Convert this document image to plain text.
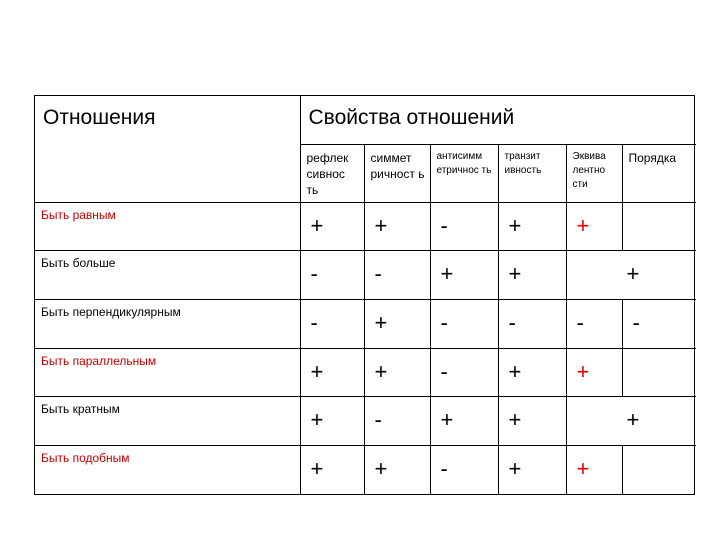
Отношения	Свойства отношений					
	рефлек сивнос ть	симмет ричност ь	антисимм етричнос ть	транзит ивность	Эквива лентно сти	Порядка
Быть равным	+	+	-	+	+	
Быть больше	-	-	+	+	+	
Быть перпендикулярным	-	+	-	-	-	-
Быть параллельным	+	+	-	+	+	
Быть кратным	+	-	+	+	+	
Быть подобным	+	+	-	+	+	
